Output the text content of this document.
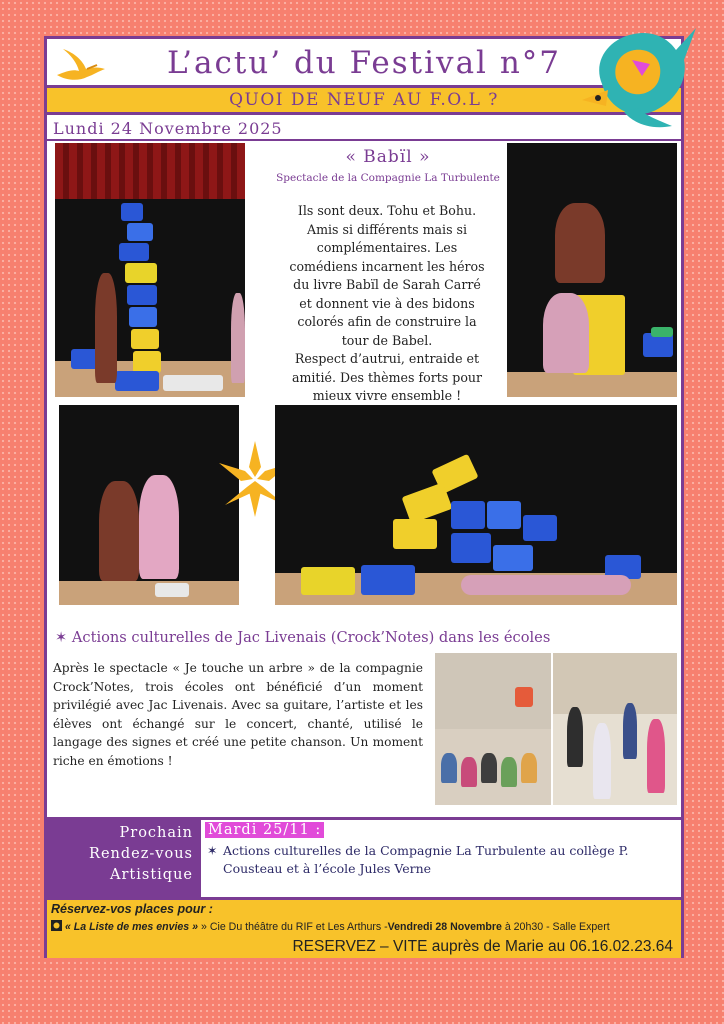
L’actu’ du Festival n°7
QUOI DE NEUF AU F.O.L ?
Lundi 24 Novembre 2025
« Babïl »
Spectacle de la Compagnie La Turbulente
Ils sont deux. Tohu et Bohu.
Amis si différents mais si
complémentaires. Les
comédiens incarnent les héros
du livre Babïl de Sarah Carré
et donnent vie à des bidons
colorés afin de construire la
tour de Babel.
Respect d’autrui, entraide et
amitié. Des thèmes forts pour
mieux vivre ensemble !
✶ Actions culturelles de Jac Livenais (Crock’Notes) dans les écoles
Après le spectacle « Je touche un arbre » de la compagnie Crock’Notes, trois écoles ont bénéficié d’un moment privilégié avec Jac Livenais. Avec sa guitare, l’artiste et les élèves ont échangé sur le concert, chanté, utilisé le langage des signes et créé une petite chanson. Un moment riche en émotions !
Prochain
Rendez-vous
Artistique
Mardi 25/11 :
✶ Actions culturelles de la Compagnie La Turbulente au collège P. Cousteau et à l’école Jules Verne
Réservez-vos places pour :
« La Liste de mes envies » » Cie Du théâtre du RIF et Les Arthurs -Vendredi 28 Novembre à 20h30 - Salle Expert
RESERVEZ – VITE auprès de Marie au 06.16.02.23.64
